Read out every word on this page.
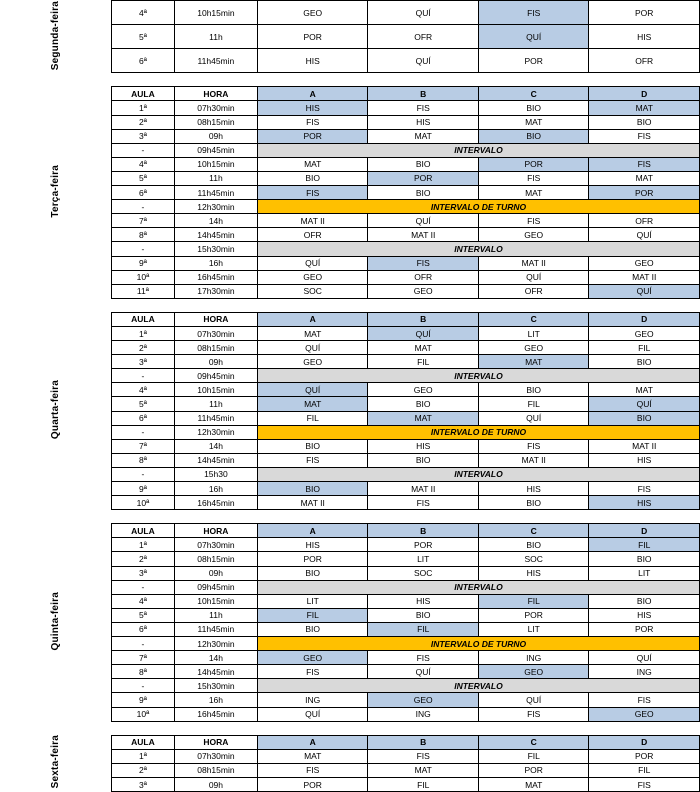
Segunda-feira	4ª	10h15min	GEO	QUÍ	FIS	POR
	5ª	11h	POR	OFR	QUÍ	HIS
	6ª	11h45min	HIS	QUÍ	POR	OFR

Terça-feira	AULA	HORA	A	B	C	D
	1ª	07h30min	HIS	FIS	BIO	MAT
	2ª	08h15min	FIS	HIS	MAT	BIO
	3ª	09h	POR	MAT	BIO	FIS
	-	09h45min	INTERVALO			
	4ª	10h15min	MAT	BIO	POR	FIS
	5ª	11h	BIO	POR	FIS	MAT
	6ª	11h45min	FIS	BIO	MAT	POR
	-	12h30min	INTERVALO DE TURNO			
	7ª	14h	MAT II	QUÍ	FIS	OFR
	8ª	14h45min	OFR	MAT II	GEO	QUÍ
	-	15h30min	INTERVALO			
	9ª	16h	QUÍ	FIS	MAT II	GEO
	10ª	16h45min	GEO	OFR	QUÍ	MAT II
	11ª	17h30min	SOC	GEO	OFR	QUÍ

Quarta-feira	AULA	HORA	A	B	C	D
	1ª	07h30min	MAT	QUÍ	LIT	GEO
	2ª	08h15min	QUÍ	MAT	GEO	FIL
	3ª	09h	GEO	FIL	MAT	BIO
	-	09h45min	INTERVALO			
	4ª	10h15min	QUÍ	GEO	BIO	MAT
	5ª	11h	MAT	BIO	FIL	QUÍ
	6ª	11h45min	FIL	MAT	QUÍ	BIO
	-	12h30min	INTERVALO DE TURNO			
	7ª	14h	BIO	HIS	FIS	MAT II
	8ª	14h45min	FIS	BIO	MAT II	HIS
	-	15h30	INTERVALO			
	9ª	16h	BIO	MAT II	HIS	FIS
	10ª	16h45min	MAT II	FIS	BIO	HIS

Quinta-feira	AULA	HORA	A	B	C	D
	1ª	07h30min	HIS	POR	BIO	FIL
	2ª	08h15min	POR	LIT	SOC	BIO
	3ª	09h	BIO	SOC	HIS	LIT
	-	09h45min	INTERVALO			
	4ª	10h15min	LIT	HIS	FIL	BIO
	5ª	11h	FIL	BIO	POR	HIS
	6ª	11h45min	BIO	FIL	LIT	POR
	-	12h30min	INTERVALO DE TURNO			
	7ª	14h	GEO	FIS	ING	QUÍ
	8ª	14h45min	FIS	QUÍ	GEO	ING
	-	15h30min	INTERVALO			
	9ª	16h	ING	GEO	QUÍ	FIS
	10ª	16h45min	QUÍ	ING	FIS	GEO

Sexta-feira	AULA	HORA	A	B	C	D
	1ª	07h30min	MAT	FIS	FIL	POR
	2ª	08h15min	FIS	MAT	POR	FIL
	3ª	09h	POR	FIL	MAT	FIS
